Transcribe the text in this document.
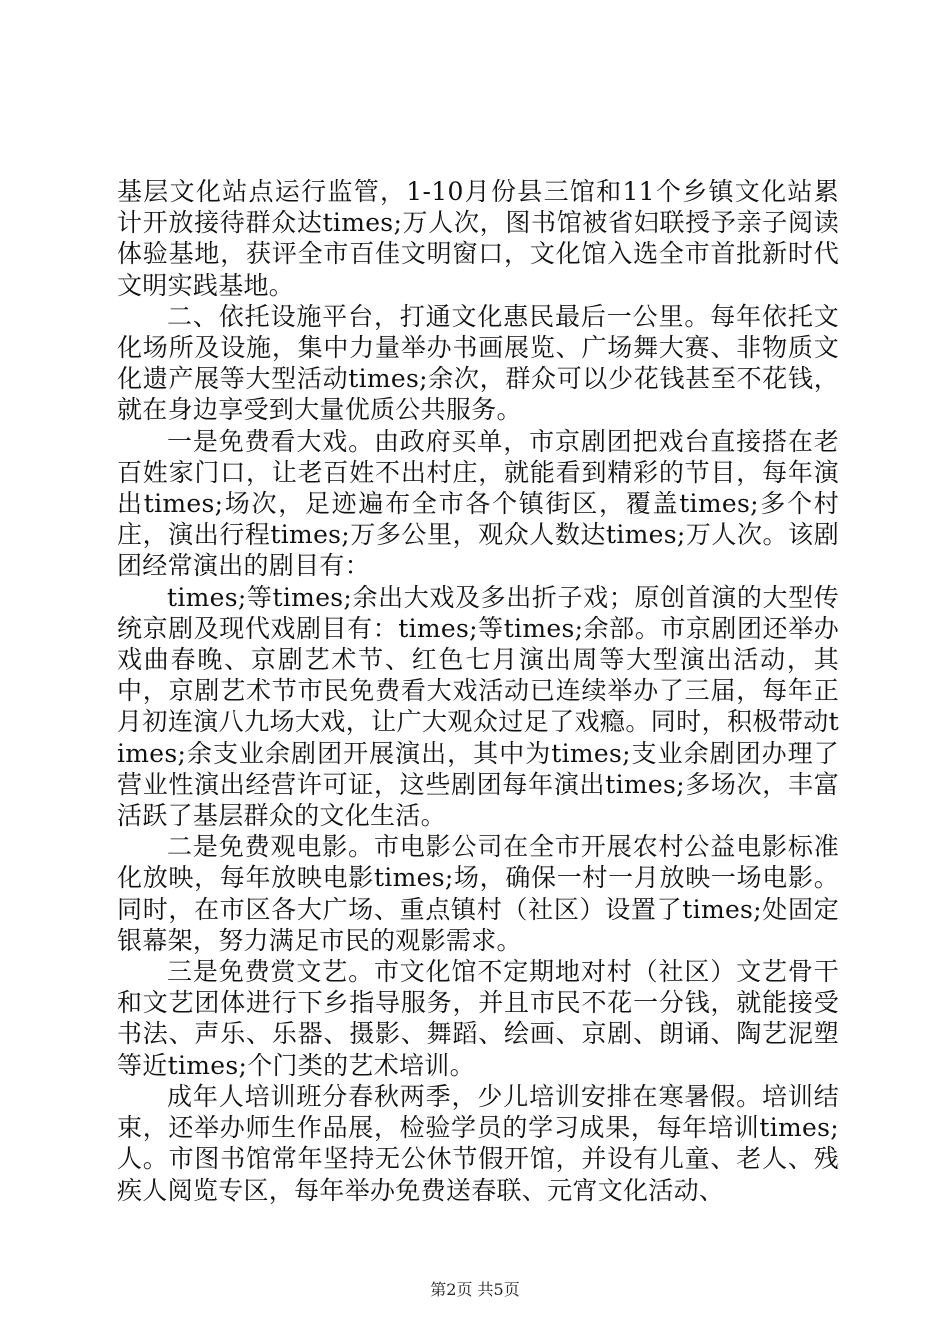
基层文化站点运行监管，1-10月份县三馆和11个乡镇文化站累计开放接待群众达times;万人次，图书馆被省妇联授予亲子阅读体验基地，获评全市百佳文明窗口，文化馆入选全市首批新时代文明实践基地。

二、依托设施平台，打通文化惠民最后一公里。每年依托文化场所及设施，集中力量举办书画展览、广场舞大赛、非物质文化遗产展等大型活动times;余次，群众可以少花钱甚至不花钱，就在身边享受到大量优质公共服务。

一是免费看大戏。由政府买单，市京剧团把戏台直接搭在老百姓家门口，让老百姓不出村庄，就能看到精彩的节目，每年演出times;场次，足迹遍布全市各个镇街区，覆盖times;多个村庄，演出行程times;万多公里，观众人数达times;万人次。该剧团经常演出的剧目有：

times;等times;余出大戏及多出折子戏；原创首演的大型传统京剧及现代戏剧目有：times;等times;余部。市京剧团还举办戏曲春晚、京剧艺术节、红色七月演出周等大型演出活动，其中，京剧艺术节市民免费看大戏活动已连续举办了三届，每年正月初连演八九场大戏，让广大观众过足了戏瘾。同时，积极带动times;余支业余剧团开展演出，其中为times;支业余剧团办理了营业性演出经营许可证，这些剧团每年演出times;多场次，丰富活跃了基层群众的文化生活。

二是免费观电影。市电影公司在全市开展农村公益电影标准化放映，每年放映电影times;场，确保一村一月放映一场电影。同时，在市区各大广场、重点镇村（社区）设置了times;处固定银幕架，努力满足市民的观影需求。

三是免费赏文艺。市文化馆不定期地对村（社区）文艺骨干和文艺团体进行下乡指导服务，并且市民不花一分钱，就能接受书法、声乐、乐器、摄影、舞蹈、绘画、京剧、朗诵、陶艺泥塑等近times;个门类的艺术培训。

成年人培训班分春秋两季，少儿培训安排在寒暑假。培训结束，还举办师生作品展，检验学员的学习成果，每年培训times;人。市图书馆常年坚持无公休节假开馆，并设有儿童、老人、残疾人阅览专区，每年举办免费送春联、元宵文化活动、

第2页 共5页
